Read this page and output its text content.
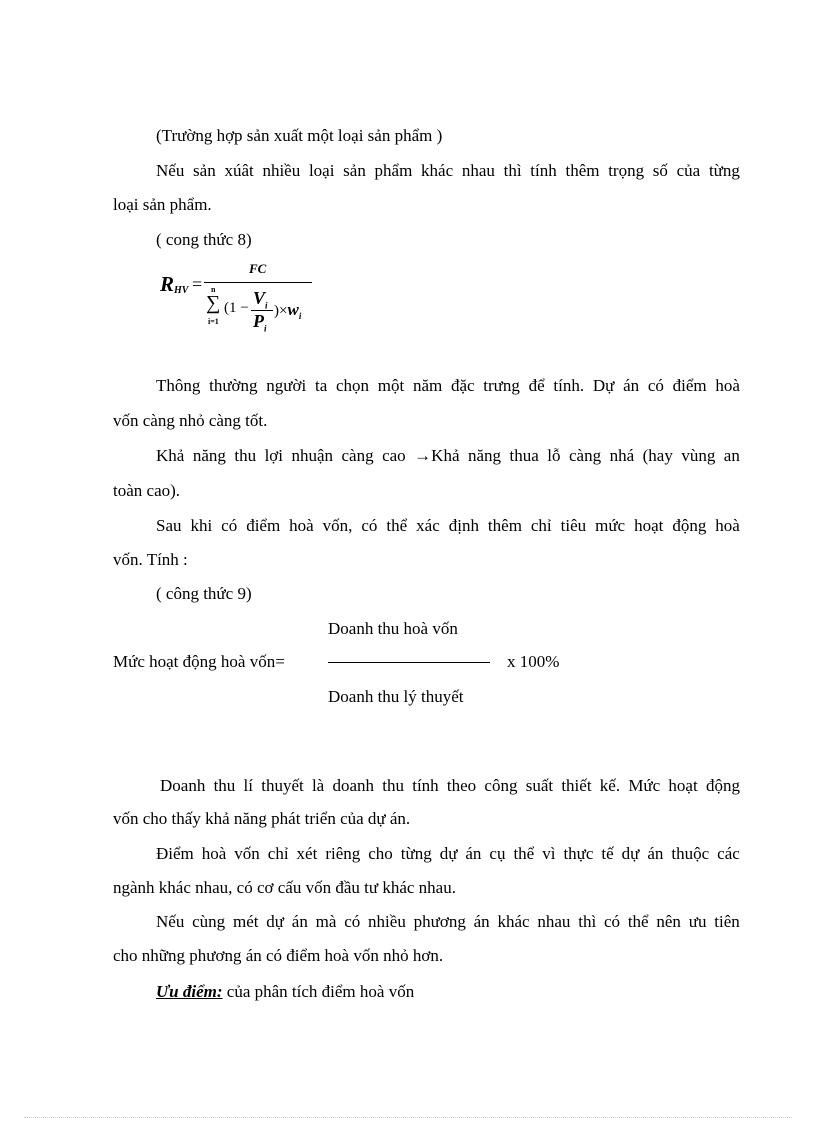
(Trường hợp sản xuất một loại sản phẩm )
Nếu sản xúât nhiều loại sản phẩm khác nhau thì tính thêm trọng số của từng
loại sản phẩm.
( cong thức 8)
$R_{HV}$ =
FC
n
∑
i=1
($1 - V_i$
$P_i$
)$\times w_i$
Thông thường người ta chọn một năm đặc trưng để tính. Dự án có điểm hoà
vốn càng nhỏ càng tốt.
Khả năng thu lợi nhuận càng cao →Khả năng thua lỗ càng nhá (hay vùng an
toàn cao).
Sau khi có điểm hoà vốn, có thể xác định thêm chỉ tiêu mức hoạt động hoà
vốn. Tính :
( công thức 9)
Doanh thu hoà vốn
Mức hoạt động hoà vốn=	x 100%
Doanh thu lý thuyết
Doanh thu lí thuyết là doanh thu tính theo công suất thiết kế. Mức hoạt động
vốn cho thấy khả năng phát triển của dự án.
Điểm hoà vốn chỉ xét riêng cho từng dự án cụ thể vì thực tế dự án thuộc các
ngành khác nhau, có cơ cấu vốn đầu tư khác nhau.
Nếu cùng mét dự án mà có nhiều phương án khác nhau thì có thể nên ưu tiên
cho những phương án có điểm hoà vốn nhỏ hơn.
Ưu điểm: của phân tích điểm hoà vốn
